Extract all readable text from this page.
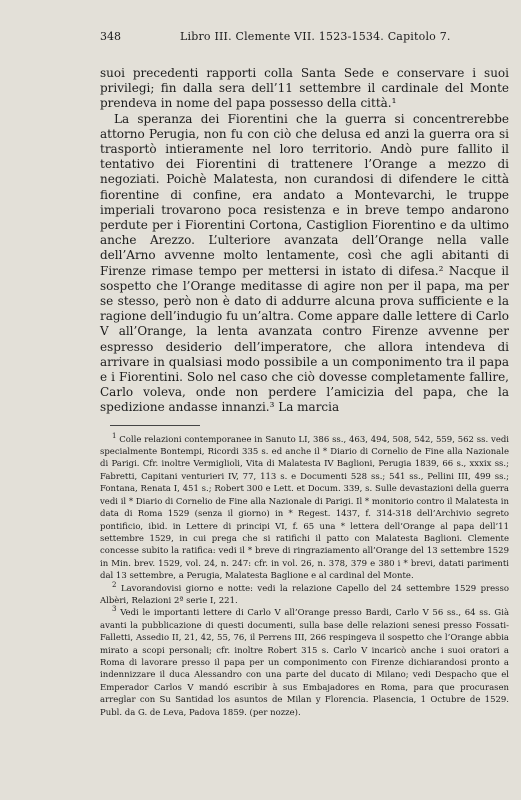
348	Libro III. Clemente VII. 1523-1534. Capitolo 7.

suoi precedenti rapporti colla Santa Sede e conservare i suoi privilegi; fin dalla sera dell’11 settembre il cardinale del Monte prendeva in nome del papa possesso della città.¹

La speranza dei Fiorentini che la guerra si concentrerebbe attorno Perugia, non fu con ciò che delusa ed anzi la guerra ora si trasportò intieramente nel loro territorio. Andò pure fallito il tentativo dei Fiorentini di trattenere l’Orange a mezzo di negoziati. Poichè Malatesta, non curandosi di difendere le città fiorentine di confine, era andato a Montevarchi, le truppe imperiali trovarono poca resistenza e in breve tempo andarono perdute per i Fiorentini Cortona, Castiglion Fiorentino e da ultimo anche Arezzo. L’ulteriore avanzata dell’Orange nella valle dell’Arno avvenne molto lentamente, così che agli abitanti di Firenze rimase tempo per mettersi in istato di difesa.² Nacque il sospetto che l’Orange meditasse di agire non per il papa, ma per se stesso, però non è dato di addurre alcuna prova sufficiente e la ragione dell’indugio fu un’altra. Come appare dalle lettere di Carlo V all’Orange, la lenta avanzata contro Firenze avvenne per espresso desiderio dell’imperatore, che allora intendeva di arrivare in qualsiasi modo possibile a un componimento tra il papa e i Fiorentini. Solo nel caso che ciò dovesse completamente fallire, Carlo voleva, onde non perdere l’amicizia del papa, che la spedizione andasse innanzi.³ La marcia

$^1$ Colle relazioni contemporanee in Sanuto LI, 386 ss., 463, 494, 508, 542, 559, 562 ss. vedi specialmente Bontempi, Ricordi 335 s. ed anche il * Diario di Cornelio de Fine alla Nazionale di Parigi. Cfr. inoltre Vermiglioli, Vita di Malatesta IV Baglioni, Perugia 1839, 66 s., xxxix ss.; Fabretti, Capitani venturieri IV, 77, 113 s. e Documenti 528 ss.; 541 ss., Pellini III, 499 ss.; Fontana, Renata I, 451 s.; Robert 300 e Lett. et Docum. 339, s. Sulle devastazioni della guerra vedi il * Diario di Cornelio de Fine alla Nazionale di Parigi. Il * monitorio contro il Malatesta in data di Roma 1529 (senza il giorno) in * Regest. 1437, f. 314-318 dell’Archivio segreto pontificio, ibid. in Lettere di principi VI, f. 65 una * lettera dell’Orange al papa dell’11 settembre 1529, in cui prega che si ratifichi il patto con Malatesta Baglioni. Clemente concesse subito la ratifica: vedi il * breve di ringraziamento all’Orange del 13 settembre 1529 in Min. brev. 1529, vol. 24, n. 247: cfr. in vol. 26, n. 378, 379 e 380 i * brevi, datati parimenti dal 13 settembre, a Perugia, Malatesta Baglione e al cardinal del Monte.

$^2$ Lavorandovisi giorno e notte: vedi la relazione Capello del 24 settembre 1529 presso Albèri, Relazioni 2ª serie I, 221.

$^3$ Vedi le importanti lettere di Carlo V all’Orange presso Bardi, Carlo V 56 ss., 64 ss. Già avanti la pubblicazione di questi documenti, sulla base delle relazioni senesi presso Fossati-Falletti, Assedio II, 21, 42, 55, 76, il Perrens III, 266 respingeva il sospetto che l’Orange abbia mirato a scopi personali; cfr. inoltre Robert 315 s. Carlo V incaricò anche i suoi oratori a Roma di lavorare presso il papa per un componimento con Firenze dichiarandosi pronto a indennizzare il duca Alessandro con una parte del ducato di Milano; vedi Despacho que el Emperador Carlos V mandó escribir à sus Embajadores en Roma, para que procurasen arreglar con Su Santidad los asuntos de Milan y Florencia. Plasencia, 1 Octubre de 1529. Publ. da G. de Leva, Padova 1859. (per nozze).
